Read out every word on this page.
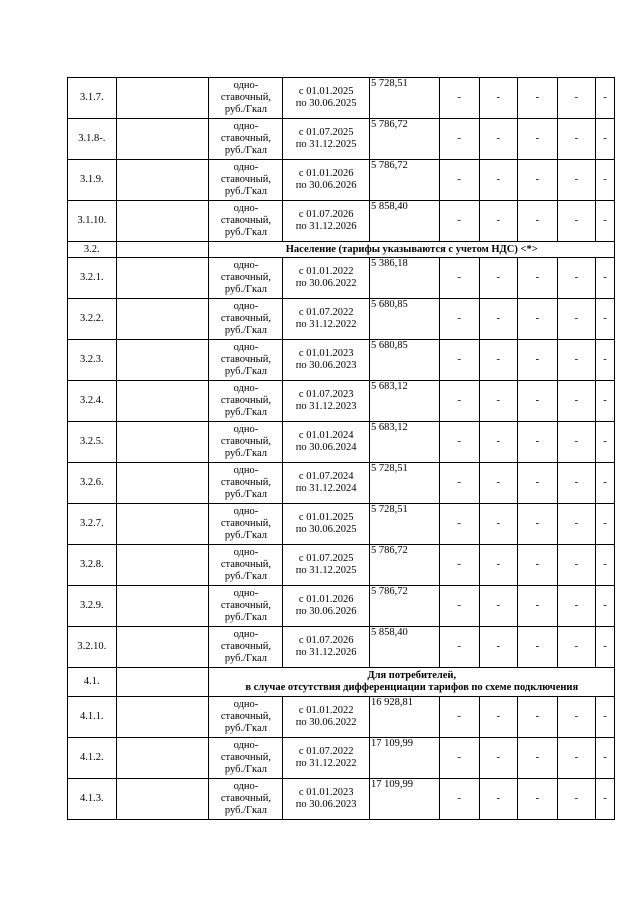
3.1.7.		одно-
ставочный,
руб./Гкал	с 01.01.2025
по 30.06.2025	5 728,51	-	-	-	-	-

3.1.8-.		одно-
ставочный,
руб./Гкал	с 01.07.2025
по 31.12.2025	5 786,72	-	-	-	-	-

3.1.9.		одно-
ставочный,
руб./Гкал	с 01.01.2026
по 30.06.2026	5 786,72	-	-	-	-	-

3.1.10.		одно-
ставочный,
руб./Гкал	с 01.07.2026
по 31.12.2026	5 858,40	-	-	-	-	-

3.2.		Население (тарифы указываются с учетом НДС) <*>							

3.2.1.		одно-
ставочный,
руб./Гкал	с 01.01.2022
по 30.06.2022	5 386,18	-	-	-	-	-

3.2.2.		одно-
ставочный,
руб./Гкал	с 01.07.2022
по 31.12.2022	5 680,85	-	-	-	-	-

3.2.3.		одно-
ставочный,
руб./Гкал	с 01.01.2023
по 30.06.2023	5 680,85	-	-	-	-	-

3.2.4.		одно-
ставочный,
руб./Гкал	с 01.07.2023
по 31.12.2023	5 683,12	-	-	-	-	-

3.2.5.		одно-
ставочный,
руб./Гкал	с 01.01.2024
по 30.06.2024	5 683,12	-	-	-	-	-

3.2.6.		одно-
ставочный,
руб./Гкал	с 01.07.2024
по 31.12.2024	5 728,51	-	-	-	-	-

3.2.7.		одно-
ставочный,
руб./Гкал	с 01.01.2025
по 30.06.2025	5 728,51	-	-	-	-	-

3.2.8.		одно-
ставочный,
руб./Гкал	с 01.07.2025
по 31.12.2025	5 786,72	-	-	-	-	-

3.2.9.		одно-
ставочный,
руб./Гкал	с 01.01.2026
по 30.06.2026	5 786,72	-	-	-	-	-

3.2.10.		одно-
ставочный,
руб./Гкал	с 01.07.2026
по 31.12.2026	5 858,40	-	-	-	-	-

4.1.		Для потребителей,
в случае отсутствия дифференциации тарифов по схеме подключения							

4.1.1.		одно-
ставочный,
руб./Гкал	с 01.01.2022
по 30.06.2022	16 928,81	-	-	-	-	-

4.1.2.		одно-
ставочный,
руб./Гкал	с 01.07.2022
по 31.12.2022	17 109,99	-	-	-	-	-

4.1.3.		одно-
ставочный,
руб./Гкал	с 01.01.2023
по 30.06.2023	17 109,99	-	-	-	-	-
